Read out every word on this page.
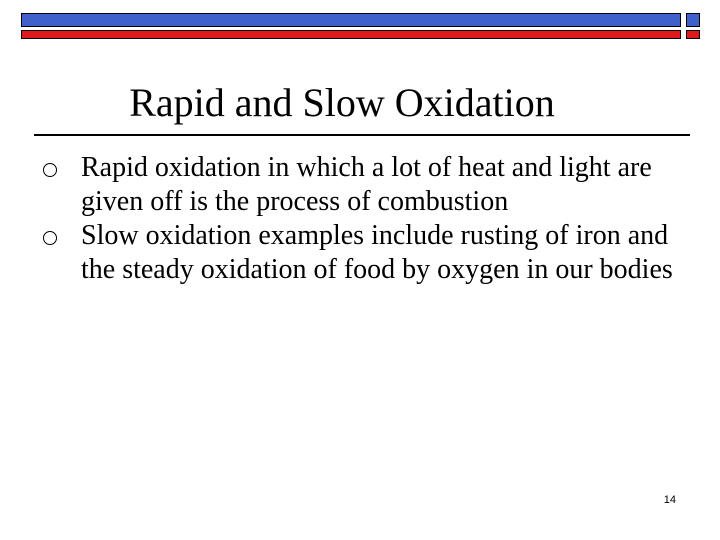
Rapid and Slow Oxidation
Rapid oxidation in which a lot of heat and light are given off is the process of combustion
Slow oxidation examples include rusting of iron and the steady oxidation of food by oxygen in our bodies
14
